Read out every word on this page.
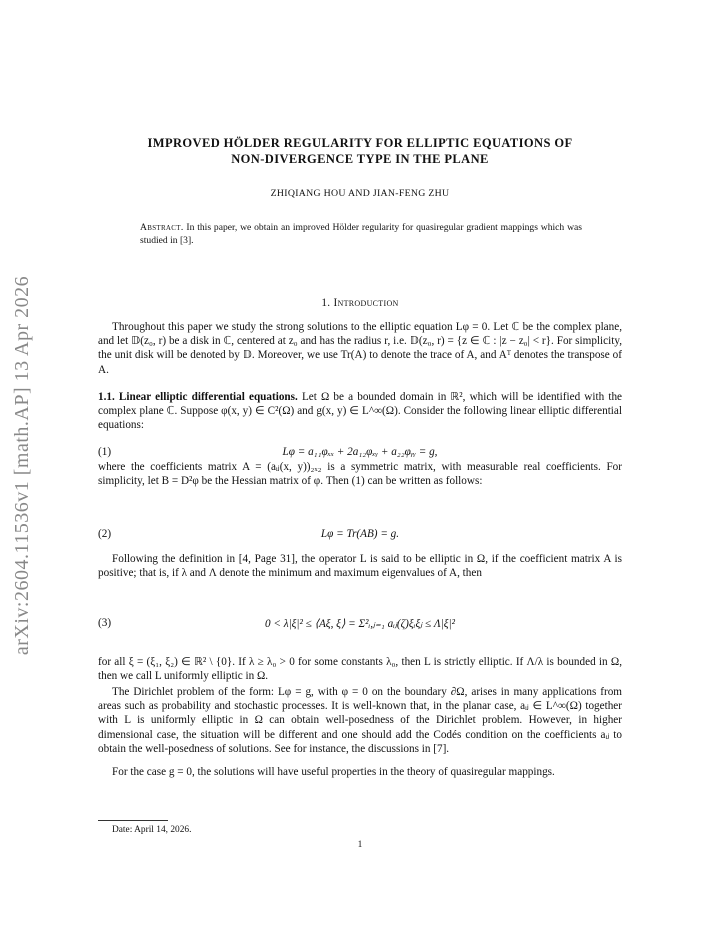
arXiv:2604.11536v1 [math.AP] 13 Apr 2026
IMPROVED HÖLDER REGULARITY FOR ELLIPTIC EQUATIONS OF
NON-DIVERGENCE TYPE IN THE PLANE
ZHIQIANG HOU AND JIAN-FENG ZHU
Abstract. In this paper, we obtain an improved Hölder regularity for quasiregular gradient mappings which was studied in [3].
1. Introduction
Throughout this paper we study the strong solutions to the elliptic equation Lφ = 0. Let ℂ be the complex plane, and let 𝔻(z₀, r) be a disk in ℂ, centered at z₀ and has the radius r, i.e. 𝔻(z₀, r) = {z ∈ ℂ : |z − z₀| < r}. For simplicity, the unit disk will be denoted by 𝔻. Moreover, we use Tr(A) to denote the trace of A, and Aᵀ denotes the transpose of A.
1.1. Linear elliptic differential equations. Let Ω be a bounded domain in ℝ², which will be identified with the complex plane ℂ. Suppose φ(x, y) ∈ C²(Ω) and g(x, y) ∈ L^∞(Ω). Consider the following linear elliptic differential equations:
(1)	Lφ = a₁₁φₓₓ + 2a₁₂φₓᵧ + a₂₂φᵧᵧ = g,
where the coefficients matrix A = (aᵢⱼ(x, y))₂ₓ₂ is a symmetric matrix, with measurable real coefficients. For simplicity, let B = D²φ be the Hessian matrix of φ. Then (1) can be written as follows:
(2)	Lφ = Tr(AB) = g.
Following the definition in [4, Page 31], the operator L is said to be elliptic in Ω, if the coefficient matrix A is positive; that is, if λ and Λ denote the minimum and maximum eigenvalues of A, then
(3)	0 < λ|ξ|² ≤ ⟨Aξ, ξ⟩ = Σ²ᵢ,ⱼ₌₁ aᵢⱼ(ζ)ξᵢξⱼ ≤ Λ|ξ|²
for all ξ = (ξ₁, ξ₂) ∈ ℝ² \ {0}. If λ ≥ λ₀ > 0 for some constants λ₀, then L is strictly elliptic. If Λ/λ is bounded in Ω, then we call L uniformly elliptic in Ω.
The Dirichlet problem of the form: Lφ = g, with φ = 0 on the boundary ∂Ω, arises in many applications from areas such as probability and stochastic processes. It is well-known that, in the planar case, aᵢⱼ ∈ L^∞(Ω) together with L is uniformly elliptic in Ω can obtain well-posedness of the Dirichlet problem. However, in higher dimensional case, the situation will be different and one should add the Codés condition on the coefficients aᵢⱼ to obtain the well-posedness of solutions. See for instance, the discussions in [7].
For the case g = 0, the solutions will have useful properties in the theory of quasiregular mappings.
Date: April 14, 2026.
1
